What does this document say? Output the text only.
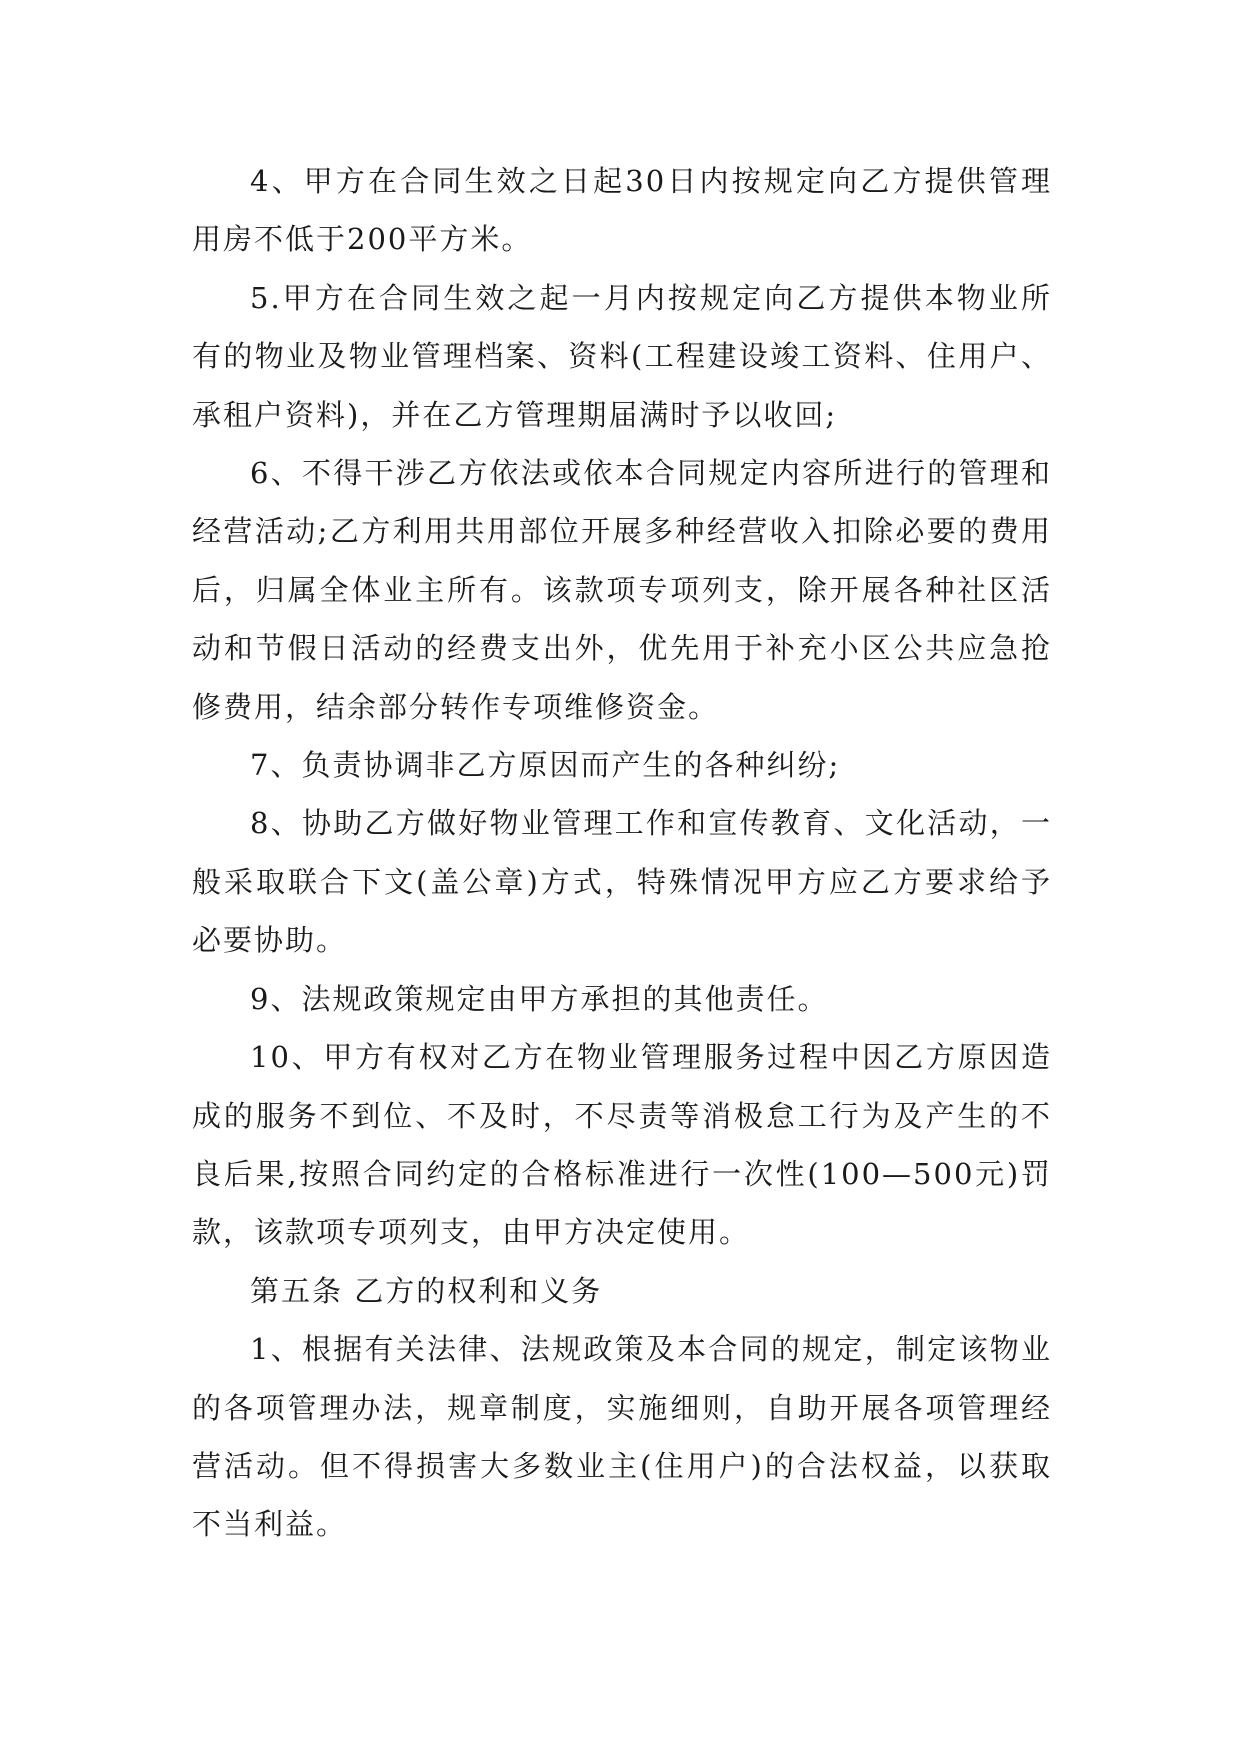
4、甲方在合同生效之日起30日内按规定向乙方提供管理用房不低于200平方米。

5.甲方在合同生效之起一月内按规定向乙方提供本物业所有的物业及物业管理档案、资料(工程建设竣工资料、住用户、承租户资料)，并在乙方管理期届满时予以收回;

6、不得干涉乙方依法或依本合同规定内容所进行的管理和经营活动;乙方利用共用部位开展多种经营收入扣除必要的费用后，归属全体业主所有。该款项专项列支，除开展各种社区活动和节假日活动的经费支出外，优先用于补充小区公共应急抢修费用，结余部分转作专项维修资金。

7、负责协调非乙方原因而产生的各种纠纷;

8、协助乙方做好物业管理工作和宣传教育、文化活动，一般采取联合下文(盖公章)方式，特殊情况甲方应乙方要求给予必要协助。

9、法规政策规定由甲方承担的其他责任。

10、甲方有权对乙方在物业管理服务过程中因乙方原因造成的服务不到位、不及时，不尽责等消极怠工行为及产生的不良后果,按照合同约定的合格标准进行一次性(100—500元)罚款，该款项专项列支，由甲方决定使用。

第五条 乙方的权利和义务

1、根据有关法律、法规政策及本合同的规定，制定该物业的各项管理办法，规章制度，实施细则，自助开展各项管理经营活动。但不得损害大多数业主(住用户)的合法权益，以获取不当利益。
